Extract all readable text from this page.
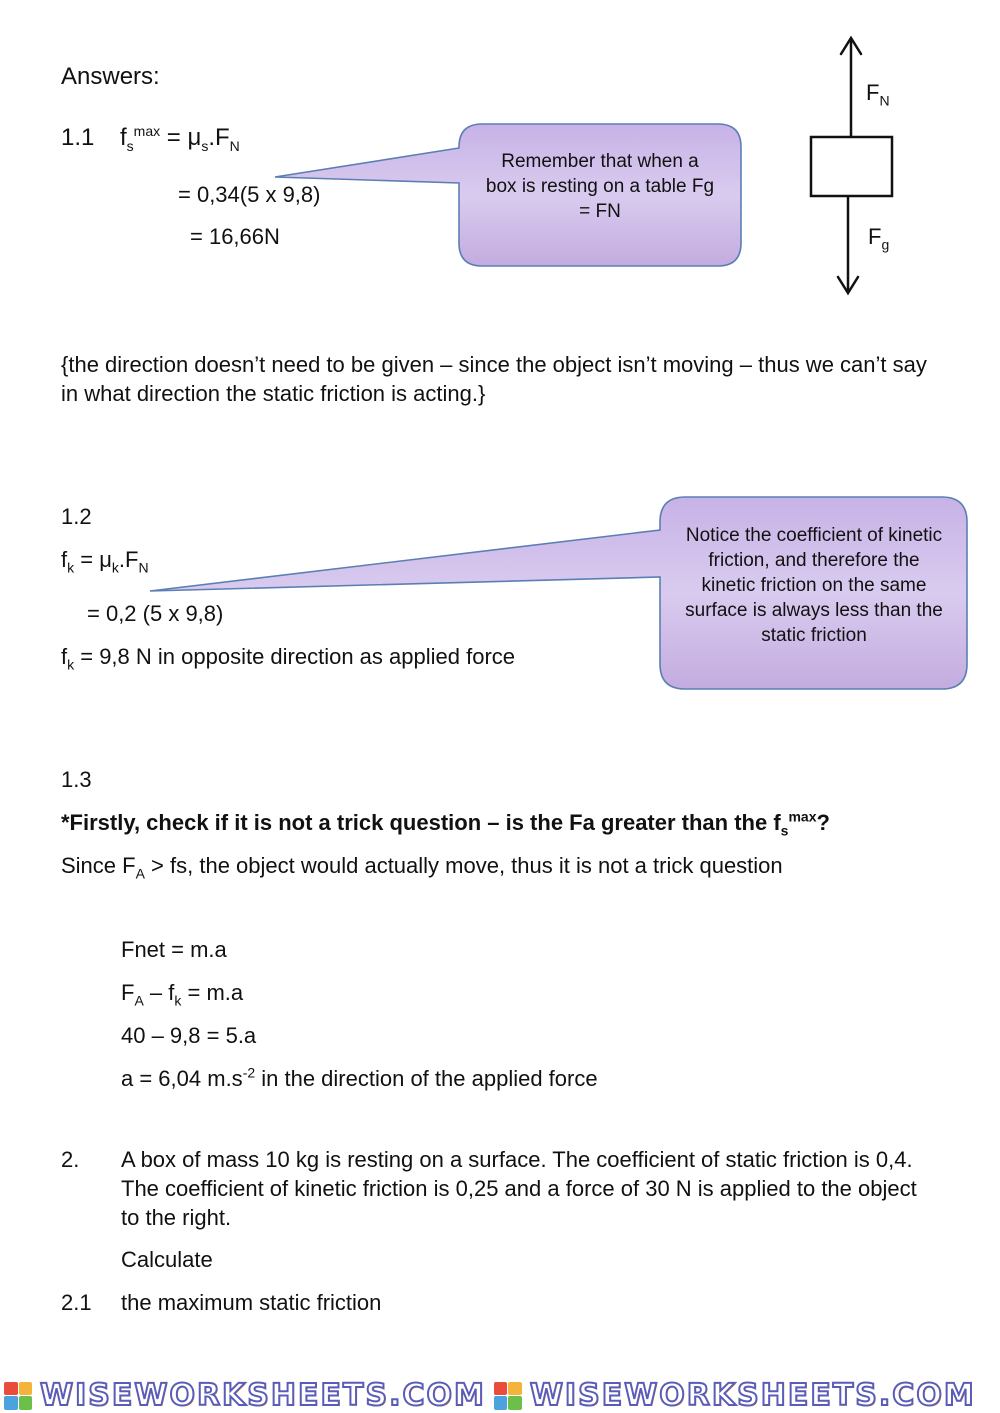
Answers:
1.1 $f_s^{max} = \mu_s.F_N$
= 0,34(5 x 9,8)
= 16,66N
Remember that when a box is resting on a table Fg = FN
$F_N$
$F_g$
{the direction doesn’t need to be given – since the object isn’t moving – thus we can’t say in what direction the static friction is acting.}
1.2
$f_k = \mu_k.F_N$
= 0,2 (5 x 9,8)
$f_k = 9,8$ N in opposite direction as applied force
Notice the coefficient of kinetic friction, and therefore the kinetic friction on the same surface is always less than the static friction
1.3
*Firstly, check if it is not a trick question – is the Fa greater than the $f_s^{max}$?
Since $F_A$ > fs, the object would actually move, thus it is not a trick question
Fnet = m.a
$F_A - f_k = m.a$
40 – 9,8 = 5.a
a = 6,04 $m.s^{-2}$ in the direction of the applied force
2. A box of mass 10 kg is resting on a surface. The coefficient of static friction is 0,4. The coefficient of kinetic friction is 0,25 and a force of 30 N is applied to the object to the right.
Calculate
2.1 the maximum static friction
WISEWORKSHEETS.COM WISEWORKSHEETS.COM
